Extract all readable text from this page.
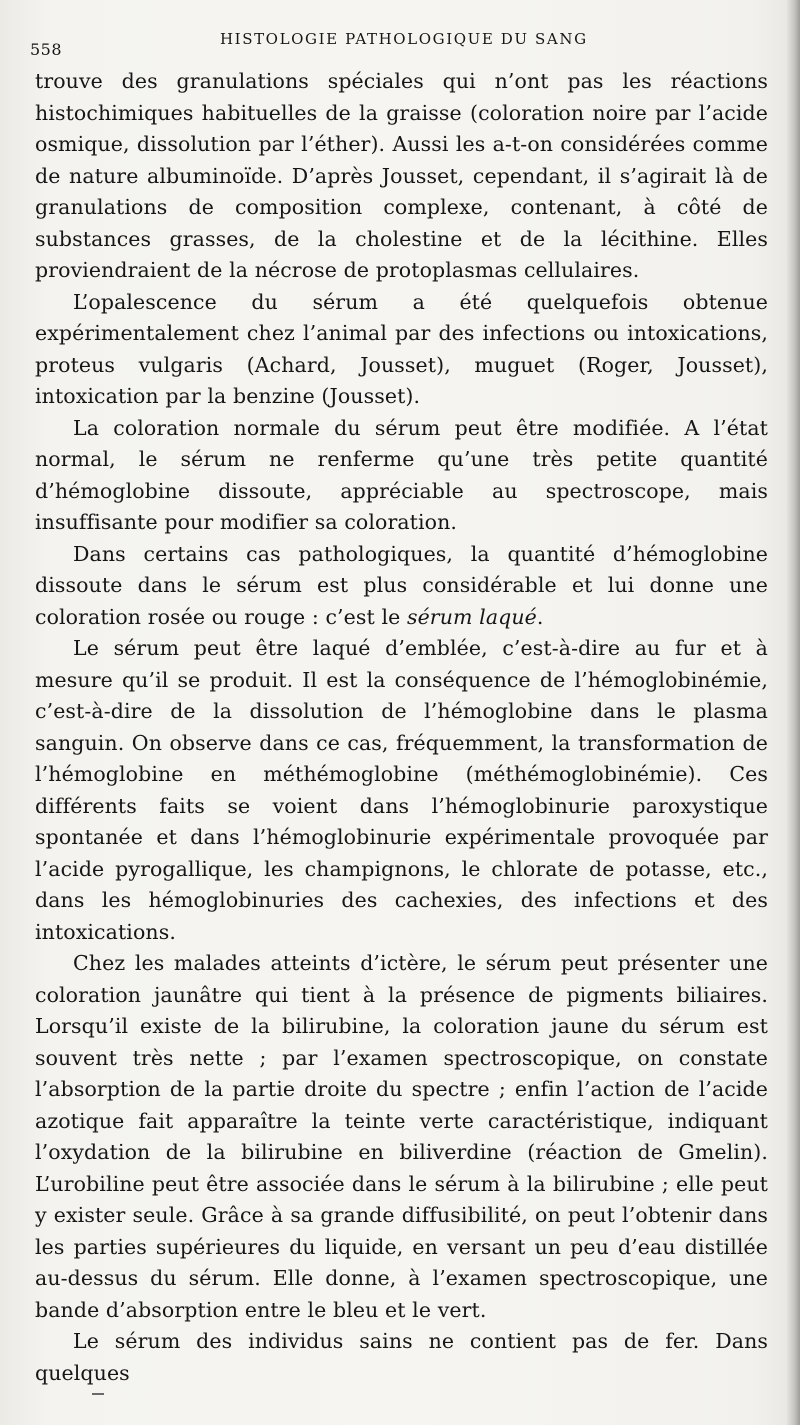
558
HISTOLOGIE PATHOLOGIQUE DU SANG

trouve des granulations spéciales qui n’ont pas les réactions histochimiques habituelles de la graisse (coloration noire par l’acide osmique, dissolution par l’éther). Aussi les a-t-on considérées comme de nature albuminoïde. D’après Jousset, cependant, il s’agirait là de granulations de composition complexe, contenant, à côté de substances grasses, de la cholestine et de la lécithine. Elles proviendraient de la nécrose de protoplasmas cellulaires.

L’opalescence du sérum a été quelquefois obtenue expérimentalement chez l’animal par des infections ou intoxications, proteus vulgaris (Achard, Jousset), muguet (Roger, Jousset), intoxication par la benzine (Jousset).

La coloration normale du sérum peut être modifiée. A l’état normal, le sérum ne renferme qu’une très petite quantité d’hémoglobine dissoute, appréciable au spectroscope, mais insuffisante pour modifier sa coloration.

Dans certains cas pathologiques, la quantité d’hémoglobine dissoute dans le sérum est plus considérable et lui donne une coloration rosée ou rouge : c’est le sérum laqué.

Le sérum peut être laqué d’emblée, c’est-à-dire au fur et à mesure qu’il se produit. Il est la conséquence de l’hémoglobinémie, c’est-à-dire de la dissolution de l’hémoglobine dans le plasma sanguin. On observe dans ce cas, fréquemment, la transformation de l’hémoglobine en méthémoglobine (méthémoglobinémie). Ces différents faits se voient dans l’hémoglobinurie paroxystique spontanée et dans l’hémoglobinurie expérimentale provoquée par l’acide pyrogallique, les champignons, le chlorate de potasse, etc., dans les hémoglobinuries des cachexies, des infections et des intoxications.

Chez les malades atteints d’ictère, le sérum peut présenter une coloration jaunâtre qui tient à la présence de pigments biliaires. Lorsqu’il existe de la bilirubine, la coloration jaune du sérum est souvent très nette ; par l’examen spectroscopique, on constate l’absorption de la partie droite du spectre ; enfin l’action de l’acide azotique fait apparaître la teinte verte caractéristique, indiquant l’oxydation de la bilirubine en biliverdine (réaction de Gmelin). L’urobiline peut être associée dans le sérum à la bilirubine ; elle peut y exister seule. Grâce à sa grande diffusibilité, on peut l’obtenir dans les parties supérieures du liquide, en versant un peu d’eau distillée au-dessus du sérum. Elle donne, à l’examen spectroscopique, une bande d’absorption entre le bleu et le vert.

Le sérum des individus sains ne contient pas de fer. Dans quelques
